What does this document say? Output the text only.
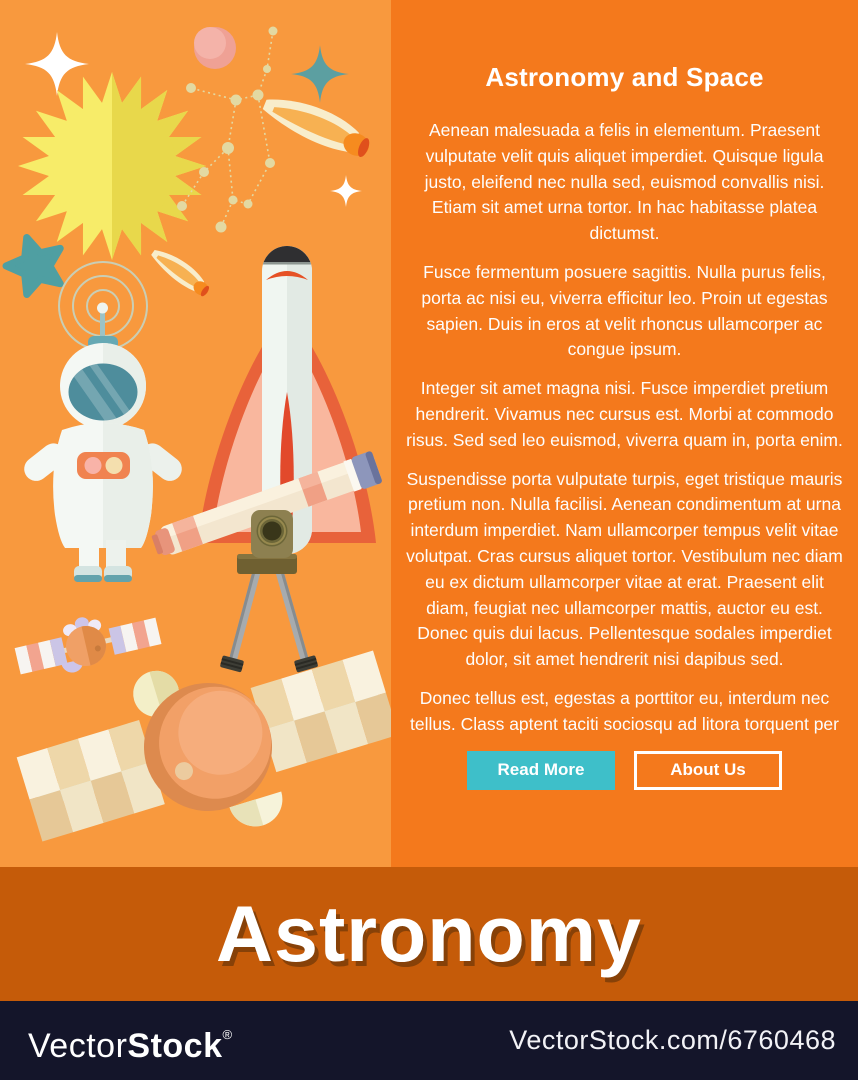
Astronomy and Space

Aenean malesuada a felis in elementum. Praesent vulputate velit quis aliquet imperdiet. Quisque ligula justo, eleifend nec nulla sed, euismod convallis nisi. Etiam sit amet urna tortor. In hac habitasse platea dictumst.

Fusce fermentum posuere sagittis. Nulla purus felis, porta ac nisi eu, viverra efficitur leo. Proin ut egestas sapien. Duis in eros at velit rhoncus ullamcorper ac congue ipsum.

Integer sit amet magna nisi. Fusce imperdiet pretium hendrerit. Vivamus nec cursus est. Morbi at commodo risus. Sed sed leo euismod, viverra quam in, porta enim.

Suspendisse porta vulputate turpis, eget tristique mauris pretium non. Nulla facilisi. Aenean condimentum at urna interdum imperdiet. Nam ullamcorper tempus velit vitae volutpat. Cras cursus aliquet tortor. Vestibulum nec diam eu ex dictum ullamcorper vitae at erat. Praesent elit diam, feugiat nec ullamcorper mattis, auctor eu est. Donec quis dui lacus. Pellentesque sodales imperdiet dolor, sit amet hendrerit nisi dapibus sed.

Donec tellus est, egestas a porttitor eu, interdum nec tellus. Class aptent taciti sociosqu ad litora torquent per

Read More	About Us
Astronomy
VectorStock®	VectorStock.com/6760468
